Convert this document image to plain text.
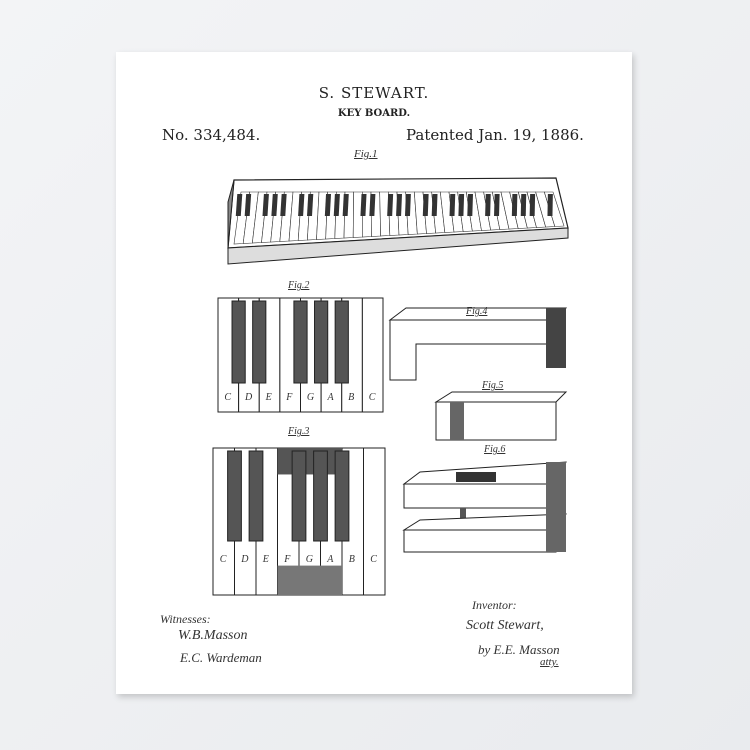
S. STEWART.
KEY BOARD.
No. 334,484.	Patented Jan. 19, 1886.
Fig.1
Fig.2
Fig.3
Fig.4
Fig.5
Fig.6
Witnesses:
W.B.Masson
E.C. Wardeman
Inventor:
Scott Stewart,
by E.E. Masson
atty.
C D E F G A B C
C D E F G A B C
